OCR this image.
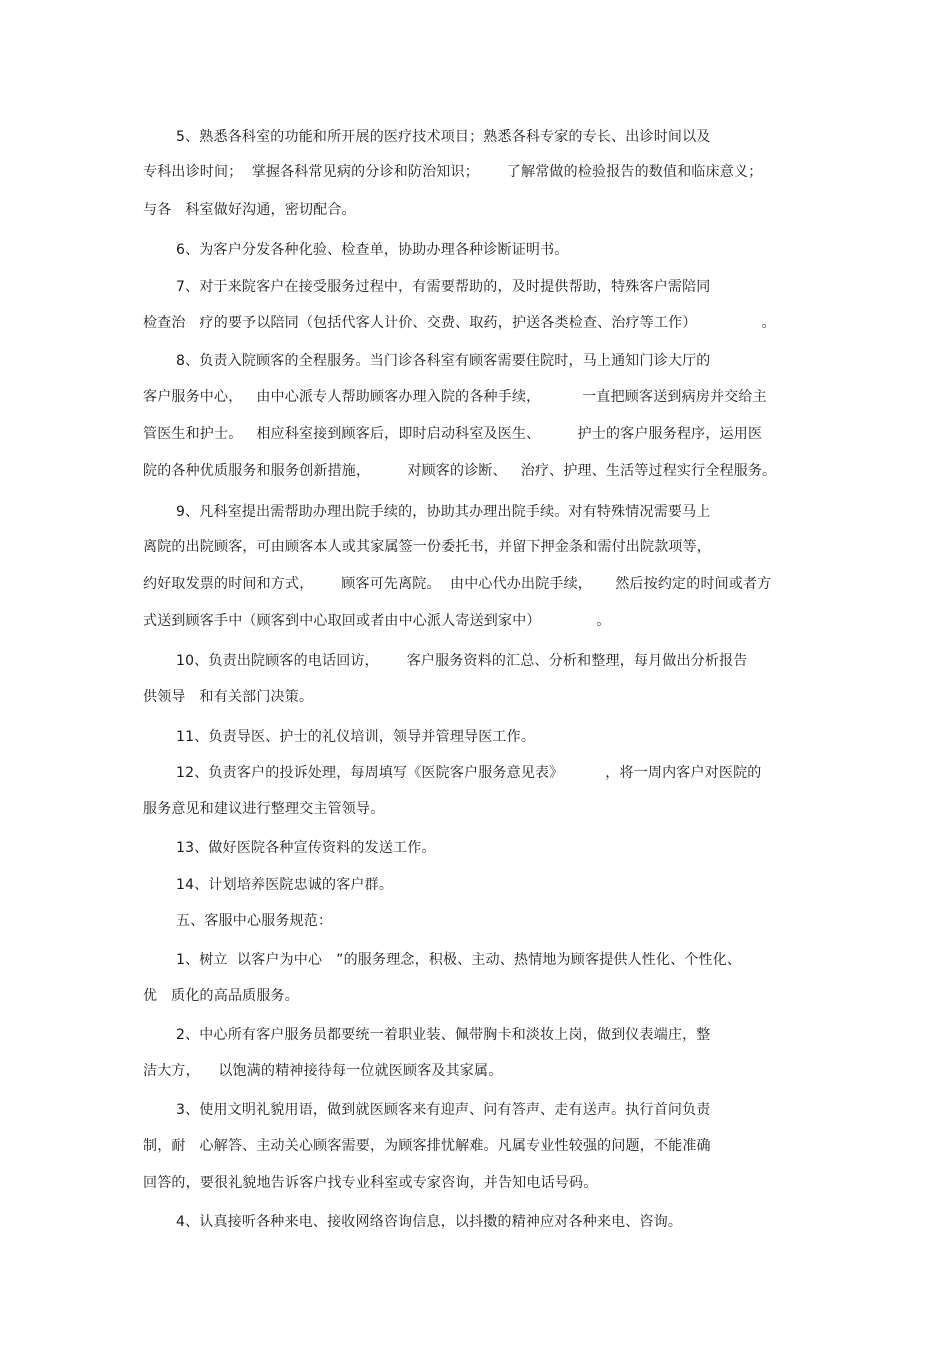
5、熟悉各科室的功能和所开展的医疗技术项目；熟悉各科专家的专长、出诊时间以及
专科出诊时间；  掌握各科常见病的分诊和防治知识；      了解常做的检验报告的数值和临床意义；
与各   科室做好沟通，密切配合。
6、为客户分发各种化验、检查单，协助办理各种诊断证明书。
7、对于来院客户在接受服务过程中，有需要帮助的，及时提供帮助，特殊客户需陪同
检查治   疗的要予以陪同（包括代客人计价、交费、取药，护送各类检查、治疗等工作）              。
8、负责入院顾客的全程服务。当门诊各科室有顾客需要住院时，马上通知门诊大厅的
客户服务中心，   由中心派专人帮助顾客办理入院的各种手续，         一直把顾客送到病房并交给主
管医生和护士。   相应科室接到顾客后，即时启动科室及医生、        护士的客户服务程序，运用医
院的各种优质服务和服务创新措施，        对顾客的诊断、   治疗、护理、生活等过程实行全程服务。
9、凡科室提出需帮助办理出院手续的，协助其办理出院手续。对有特殊情况需要马上
离院的出院顾客，可由顾客本人或其家属签一份委托书，并留下押金条和需付出院款项等，
约好取发票的时间和方式，      顾客可先离院。  由中心代办出院手续，     然后按约定的时间或者方
式送到顾客手中（顾客到中心取回或者由中心派人寄送到家中）            。
10、负责出院顾客的电话回访，      客户服务资料的汇总、分析和整理，每月做出分析报告
供领导   和有关部门决策。
11、负责导医、护士的礼仪培训，领导并管理导医工作。
12、负责客户的投诉处理，每周填写《医院客户服务意见表》         ，将一周内客户对医院的
服务意见和建议进行整理交主管领导。
13、做好医院各种宣传资料的发送工作。
14、计划培养医院忠诚的客户群。
五、客服中心服务规范：
1、树立  以客户为中心   ”的服务理念，积极、主动、热情地为顾客提供人性化、个性化、
优   质化的高品质服务。
2、中心所有客户服务员都要统一着职业装、佩带胸卡和淡妆上岗，做到仪表端庄，整
洁大方，    以饱满的精神接待每一位就医顾客及其家属。
3、使用文明礼貌用语，做到就医顾客来有迎声、问有答声、走有送声。执行首问负责
制，耐   心解答、主动关心顾客需要，为顾客排忧解难。凡属专业性较强的问题，不能准确
回答的，要很礼貌地告诉客户找专业科室或专家咨询，并告知电话号码。
4、认真接听各种来电、接收网络咨询信息，以抖擞的精神应对各种来电、咨询。
